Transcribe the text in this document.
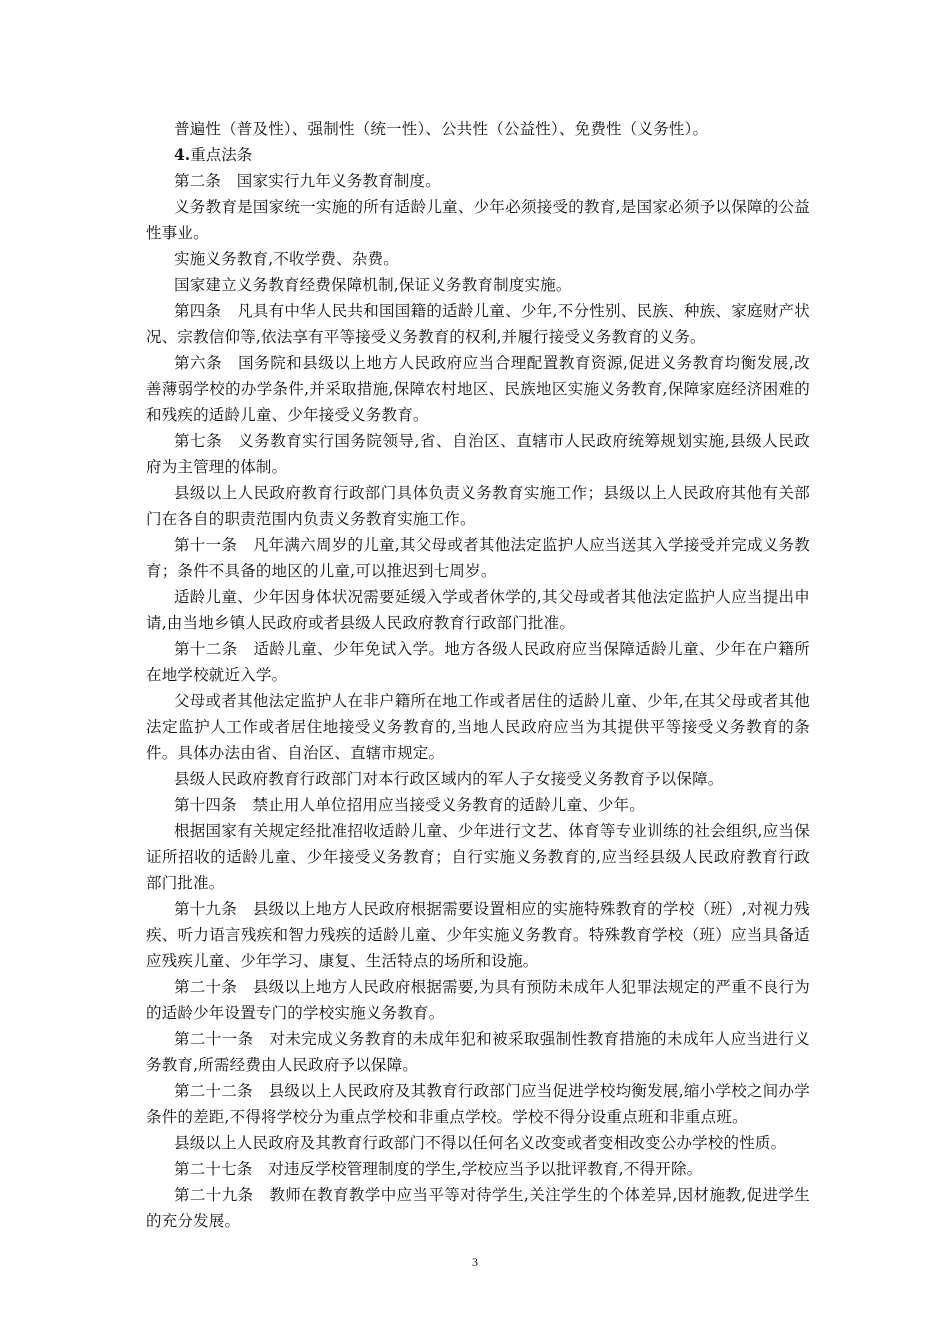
普遍性（普及性）、强制性（统一性）、公共性（公益性）、免费性（义务性）。

4.重点法条

第二条　国家实行九年义务教育制度。

义务教育是国家统一实施的所有适龄儿童、少年必须接受的教育,是国家必须予以保障的公益性事业。

实施义务教育,不收学费、杂费。

国家建立义务教育经费保障机制,保证义务教育制度实施。

第四条　凡具有中华人民共和国国籍的适龄儿童、少年,不分性别、民族、种族、家庭财产状况、宗教信仰等,依法享有平等接受义务教育的权利,并履行接受义务教育的义务。

第六条　国务院和县级以上地方人民政府应当合理配置教育资源,促进义务教育均衡发展,改善薄弱学校的办学条件,并采取措施,保障农村地区、民族地区实施义务教育,保障家庭经济困难的和残疾的适龄儿童、少年接受义务教育。

第七条　义务教育实行国务院领导,省、自治区、直辖市人民政府统筹规划实施,县级人民政府为主管理的体制。

县级以上人民政府教育行政部门具体负责义务教育实施工作；县级以上人民政府其他有关部门在各自的职责范围内负责义务教育实施工作。

第十一条　凡年满六周岁的儿童,其父母或者其他法定监护人应当送其入学接受并完成义务教育；条件不具备的地区的儿童,可以推迟到七周岁。

适龄儿童、少年因身体状况需要延缓入学或者休学的,其父母或者其他法定监护人应当提出申请,由当地乡镇人民政府或者县级人民政府教育行政部门批准。

第十二条　适龄儿童、少年免试入学。地方各级人民政府应当保障适龄儿童、少年在户籍所在地学校就近入学。

父母或者其他法定监护人在非户籍所在地工作或者居住的适龄儿童、少年,在其父母或者其他法定监护人工作或者居住地接受义务教育的,当地人民政府应当为其提供平等接受义务教育的条件。具体办法由省、自治区、直辖市规定。

县级人民政府教育行政部门对本行政区域内的军人子女接受义务教育予以保障。

第十四条　禁止用人单位招用应当接受义务教育的适龄儿童、少年。

根据国家有关规定经批准招收适龄儿童、少年进行文艺、体育等专业训练的社会组织,应当保证所招收的适龄儿童、少年接受义务教育；自行实施义务教育的,应当经县级人民政府教育行政部门批准。

第十九条　县级以上地方人民政府根据需要设置相应的实施特殊教育的学校（班）,对视力残疾、听力语言残疾和智力残疾的适龄儿童、少年实施义务教育。特殊教育学校（班）应当具备适应残疾儿童、少年学习、康复、生活特点的场所和设施。

第二十条　县级以上地方人民政府根据需要,为具有预防未成年人犯罪法规定的严重不良行为的适龄少年设置专门的学校实施义务教育。

第二十一条　对未完成义务教育的未成年犯和被采取强制性教育措施的未成年人应当进行义务教育,所需经费由人民政府予以保障。

第二十二条　县级以上人民政府及其教育行政部门应当促进学校均衡发展,缩小学校之间办学条件的差距,不得将学校分为重点学校和非重点学校。学校不得分设重点班和非重点班。

县级以上人民政府及其教育行政部门不得以任何名义改变或者变相改变公办学校的性质。

第二十七条　对违反学校管理制度的学生,学校应当予以批评教育,不得开除。

第二十九条　教师在教育教学中应当平等对待学生,关注学生的个体差异,因材施教,促进学生的充分发展。

3
